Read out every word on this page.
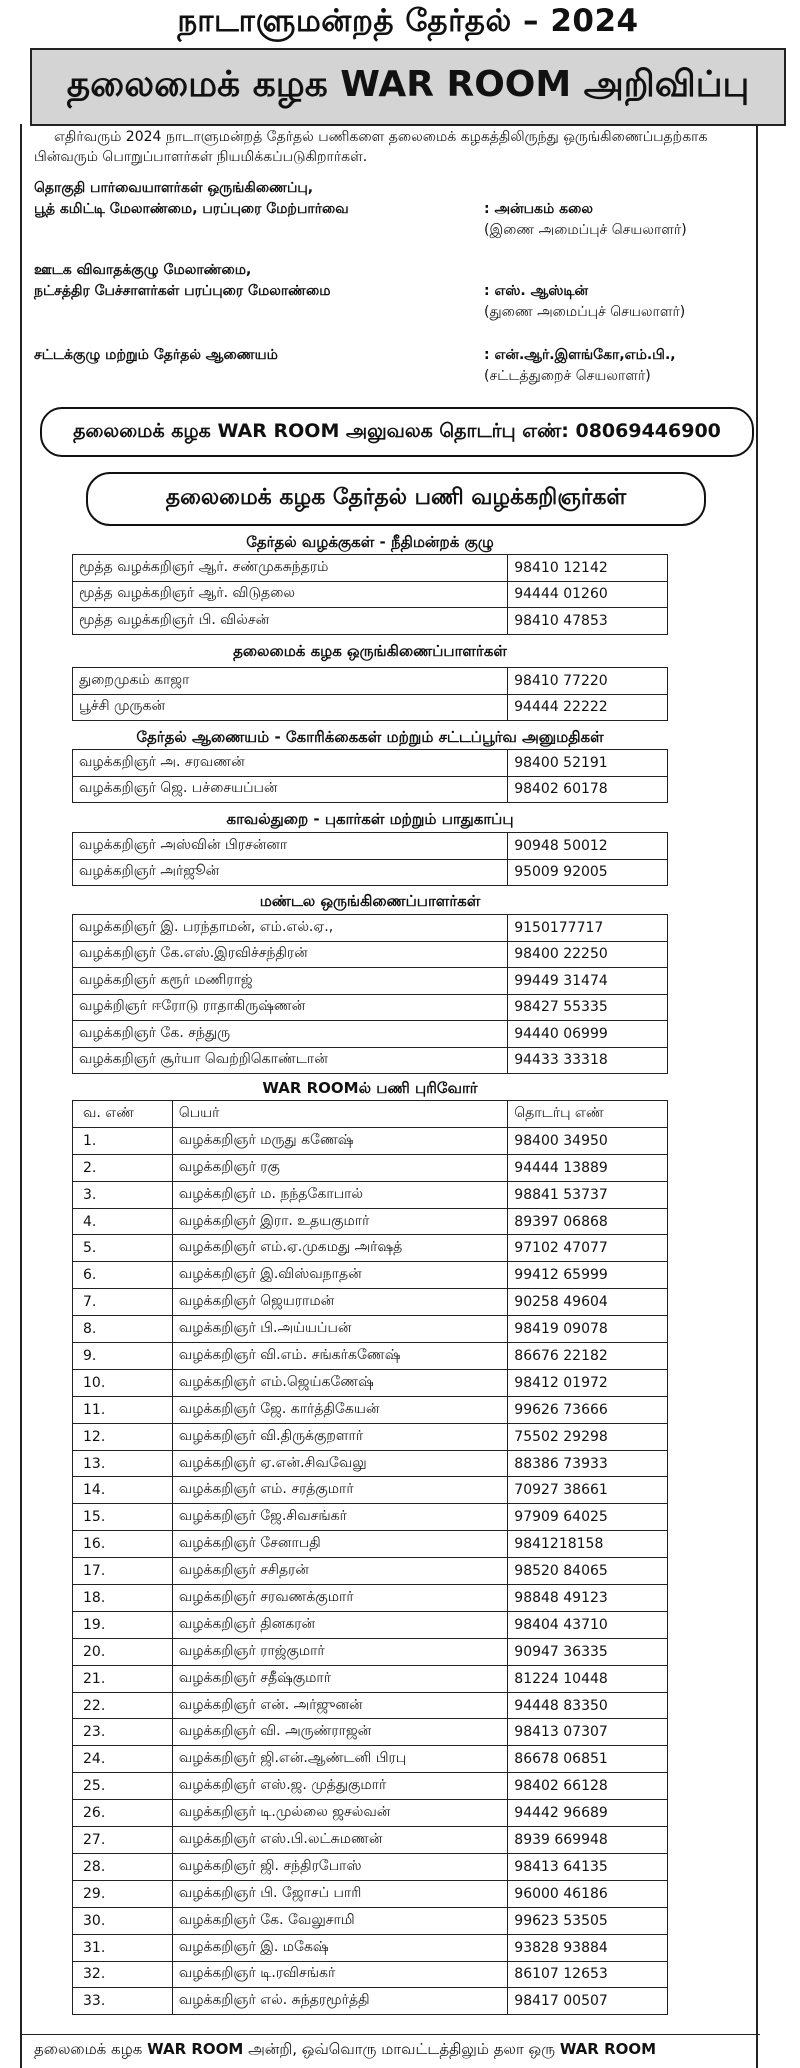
நாடாளுமன்றத் தேர்தல் – 2024
தலைமைக் கழக WAR ROOM அறிவிப்பு

எதிர்வரும் 2024 நாடாளுமன்றத் தேர்தல் பணிகளை தலைமைக் கழகத்திலிருந்து ஒருங்கிணைப்பதற்காக பின்வரும் பொறுப்பாளர்கள் நியமிக்கப்படுகிறார்கள்.

தொகுதி பார்வையாளர்கள் ஒருங்கிணைப்பு,
பூத் கமிட்டி மேலாண்மை, பரப்புரை மேற்பார்வை	: அன்பகம் கலை
(இணை அமைப்புச் செயலாளர்)
ஊடக விவாதக்குழு மேலாண்மை,
நட்சத்திர பேச்சாளர்கள் பரப்புரை மேலாண்மை	: எஸ். ஆஸ்டின்
(துணை அமைப்புச் செயலாளர்)
சட்டக்குழு மற்றும் தேர்தல் ஆணையம்	: என்.ஆர்.இளங்கோ,எம்.பி.,
(சட்டத்துறைச் செயலாளர்)
தலைமைக் கழக WAR ROOM அலுவலக தொடர்பு எண்: 08069446900
தலைமைக் கழக தேர்தல் பணி வழக்கறிஞர்கள்
தேர்தல் வழக்குகள் - நீதிமன்றக் குழு
மூத்த வழக்கறிஞர் ஆர். சண்முகசுந்தரம்	98410 12142
மூத்த வழக்கறிஞர் ஆர். விடுதலை	94444 01260
மூத்த வழக்கறிஞர் பி. வில்சன்	98410 47853
தலைமைக் கழக ஒருங்கிணைப்பாளர்கள்
துறைமுகம் காஜா	98410 77220
பூச்சி முருகன்	94444 22222
தேர்தல் ஆணையம் - கோரிக்கைகள் மற்றும் சட்டப்பூர்வ அனுமதிகள்
வழக்கறிஞர் அ. சரவணன்	98400 52191
வழக்கறிஞர் ஜெ. பச்சையப்பன்	98402 60178
காவல்துறை - புகார்கள் மற்றும் பாதுகாப்பு
வழக்கறிஞர் அஸ்வின் பிரசன்னா	90948 50012
வழக்கறிஞர் அர்ஜூன்	95009 92005
மண்டல ஒருங்கிணைப்பாளர்கள்
வழக்கறிஞர் இ. பரந்தாமன், எம்.எல்.ஏ.,	9150177717
வழக்கறிஞர் கே.எஸ்.இரவிச்சந்திரன்	98400 22250
வழக்கறிஞர் கரூர் மணிராஜ்	99449 31474
வழக்றிஞர் ஈரோடு ராதாகிருஷ்ணன்	98427 55335
வழக்கறிஞர் கே. சந்துரு	94440 06999
வழக்கறிஞர் சூர்யா வெற்றிகொண்டான்	94433 33318
WAR ROOMல் பணி புரிவோர்
வ. எண்	பெயர்	தொடர்பு எண்
1.	வழக்கறிஞர் மருது கணேஷ்	98400 34950
2.	வழக்கறிஞர் ரகு	94444 13889
3.	வழக்கறிஞர் ம. நந்தகோபால்	98841 53737
4.	வழக்கறிஞர் இரா. உதயகுமார்	89397 06868
5.	வழக்கறிஞர் எம்.ஏ.முகமது அர்ஷத்	97102 47077
6.	வழக்கறிஞர் இ.விஸ்வநாதன்	99412 65999
7.	வழக்கறிஞர் ஜெயராமன்	90258 49604
8.	வழக்கறிஞர் பி.அய்யப்பன்	98419 09078
9.	வழக்கறிஞர் வி.எம். சங்கர்கணேஷ்	86676 22182
10.	வழக்கறிஞர் எம்.ஜெய்கணேஷ்	98412 01972
11.	வழக்கறிஞர் ஜே. கார்த்திகேயன்	99626 73666
12.	வழக்கறிஞர் வி.திருக்குறளார்	75502 29298
13.	வழக்கறிஞர் ஏ.என்.சிவவேலு	88386 73933
14.	வழக்கறிஞர் எம். சரத்குமார்	70927 38661
15.	வழக்கறிஞர் ஜே.சிவசங்கர்	97909 64025
16.	வழக்கறிஞர் சேனாபதி	9841218158
17.	வழக்கறிஞர் சசிதரன்	98520 84065
18.	வழக்கறிஞர் சரவணக்குமார்	98848 49123
19.	வழக்கறிஞர் தினகரன்	98404 43710
20.	வழக்கறிஞர் ராஜ்குமார்	90947 36335
21.	வழக்கறிஞர் சதீஷ்குமார்	81224 10448
22.	வழக்கறிஞர் என். அர்ஜுனன்	94448 83350
23.	வழக்கறிஞர் வி. அருண்ராஜன்	98413 07307
24.	வழக்கறிஞர் ஜி.என்.ஆண்டனி பிரபு	86678 06851
25.	வழக்கறிஞர் எஸ்.ஜ. முத்துகுமார்	98402 66128
26.	வழக்கறிஞர் டி.முல்லை ஜசல்வன்	94442 96689
27.	வழக்கறிஞர் எஸ்.பி.லட்சுமணன்	8939 669948
28.	வழக்கறிஞர் ஜி. சந்திரபோஸ்	98413 64135
29.	வழக்கறிஞர் பி. ஜோசப் பாரி	96000 46186
30.	வழக்கறிஞர் கே. வேலுசாமி	99623 53505
31.	வழக்கறிஞர் இ. மகேஷ்	93828 93884
32.	வழக்கறிஞர் டி.ரவிசங்கர்	86107 12653
33.	வழக்கறிஞர் எல். சுந்தரமூர்த்தி	98417 00507
தலைமைக் கழக WAR ROOM அன்றி, ஒவ்வொரு மாவட்டத்திலும் தலா ஒரு WAR ROOM
